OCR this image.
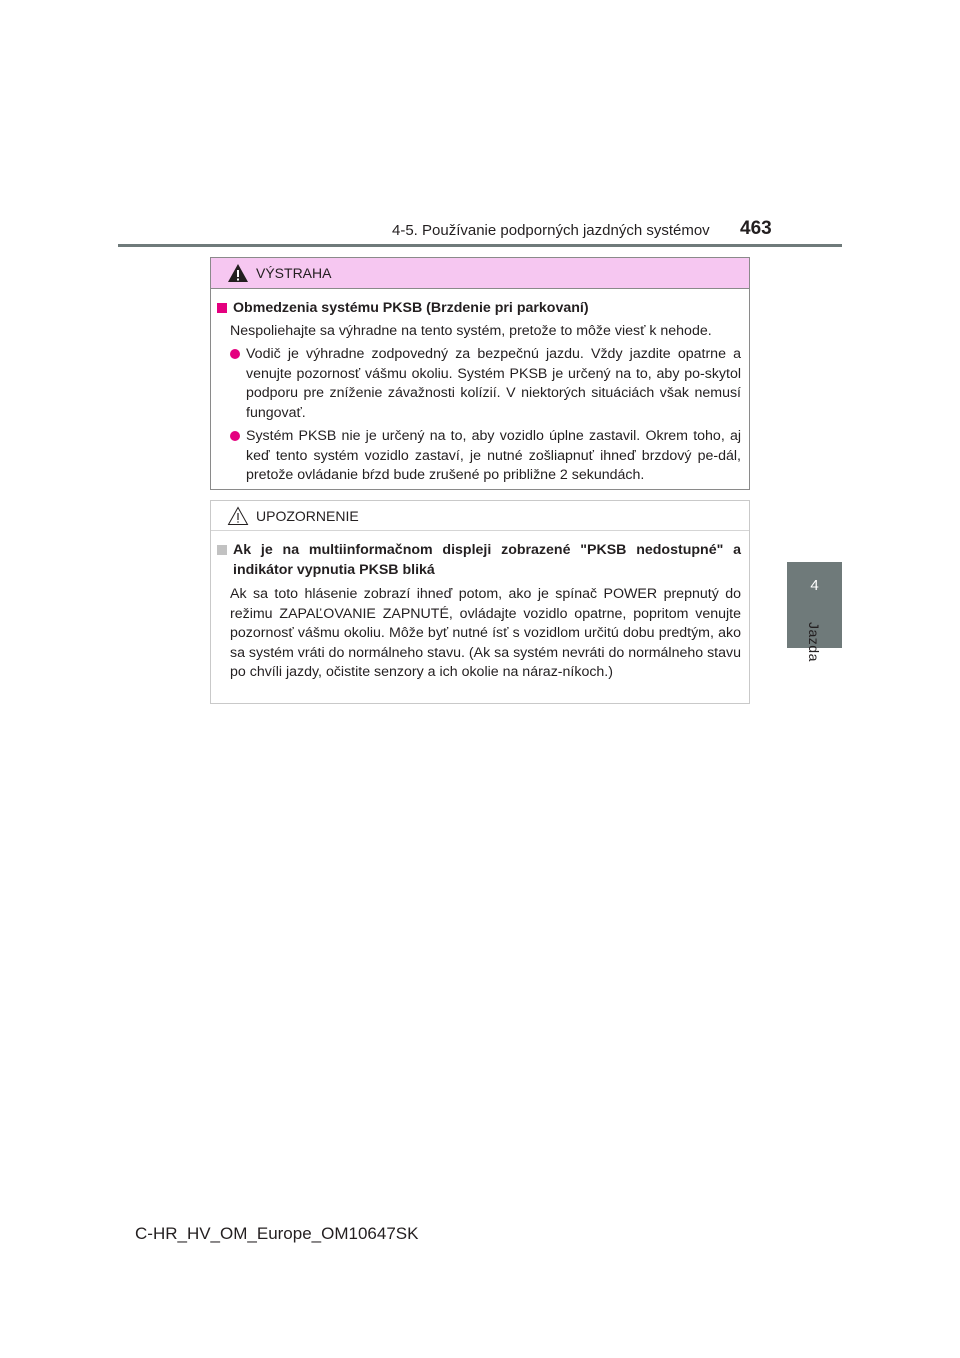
4-5. Používanie podporných jazdných systémov 463
4
Jazda
VÝSTRAHA
Obmedzenia systému PKSB (Brzdenie pri parkovaní)
Nespoliehajte sa výhradne na tento systém, pretože to môže viesť k nehode.
Vodič je výhradne zodpovedný za bezpečnú jazdu. Vždy jazdite opatrne a venujte pozornosť vášmu okoliu. Systém PKSB je určený na to, aby po-skytol podporu pre zníženie závažnosti kolízií. V niektorých situáciách však nemusí fungovať.
Systém PKSB nie je určený na to, aby vozidlo úplne zastavil. Okrem toho, aj keď tento systém vozidlo zastaví, je nutné zošliapnuť ihneď brzdový pe-dál, pretože ovládanie bŕzd bude zrušené po približne 2 sekundách.
UPOZORNENIE
Ak je na multiinformačnom displeji zobrazené "PKSB nedostupné" a indikátor vypnutia PKSB bliká
Ak sa toto hlásenie zobrazí ihneď potom, ako je spínač POWER prepnutý do režimu ZAPAĽOVANIE ZAPNUTÉ, ovládajte vozidlo opatrne, popritom venujte pozornosť vášmu okoliu. Môže byť nutné ísť s vozidlom určitú dobu predtým, ako sa systém vráti do normálneho stavu. (Ak sa systém nevráti do normálneho stavu po chvíli jazdy, očistite senzory a ich okolie na náraz-níkoch.)
C-HR_HV_OM_Europe_OM10647SK
